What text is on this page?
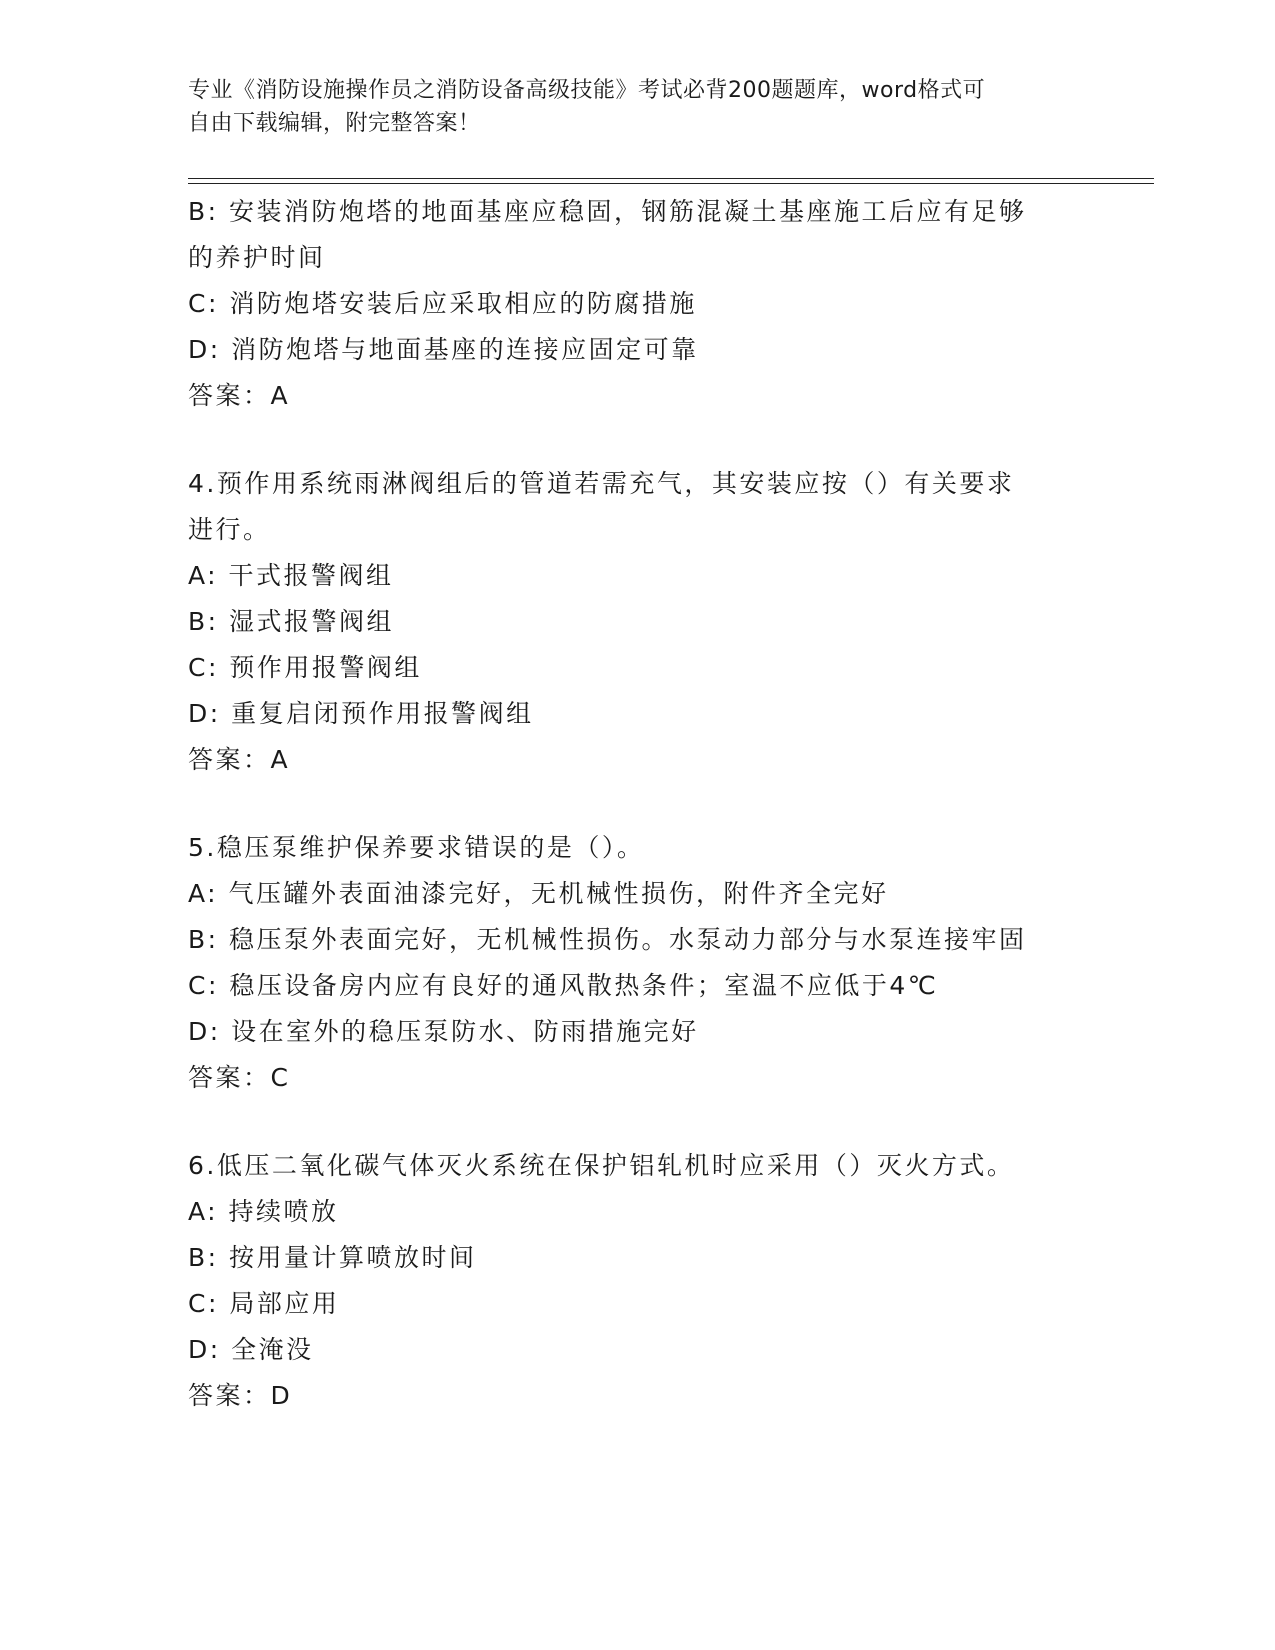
专业《消防设施操作员之消防设备高级技能》考试必背200题题库，word格式可
自由下载编辑，附完整答案！
B: 安装消防炮塔的地面基座应稳固，钢筋混凝土基座施工后应有足够
的养护时间
C: 消防炮塔安装后应采取相应的防腐措施
D: 消防炮塔与地面基座的连接应固定可靠
答案：A
4.预作用系统雨淋阀组后的管道若需充气，其安装应按（）有关要求
进行。
A: 干式报警阀组
B: 湿式报警阀组
C: 预作用报警阀组
D: 重复启闭预作用报警阀组
答案：A
5.稳压泵维护保养要求错误的是（）。
A: 气压罐外表面油漆完好，无机械性损伤，附件齐全完好
B: 稳压泵外表面完好，无机械性损伤。水泵动力部分与水泵连接牢固
C: 稳压设备房内应有良好的通风散热条件；室温不应低于4℃
D: 设在室外的稳压泵防水、防雨措施完好
答案：C
6.低压二氧化碳气体灭火系统在保护铝轧机时应采用（）灭火方式。
A: 持续喷放
B: 按用量计算喷放时间
C: 局部应用
D: 全淹没
答案：D
